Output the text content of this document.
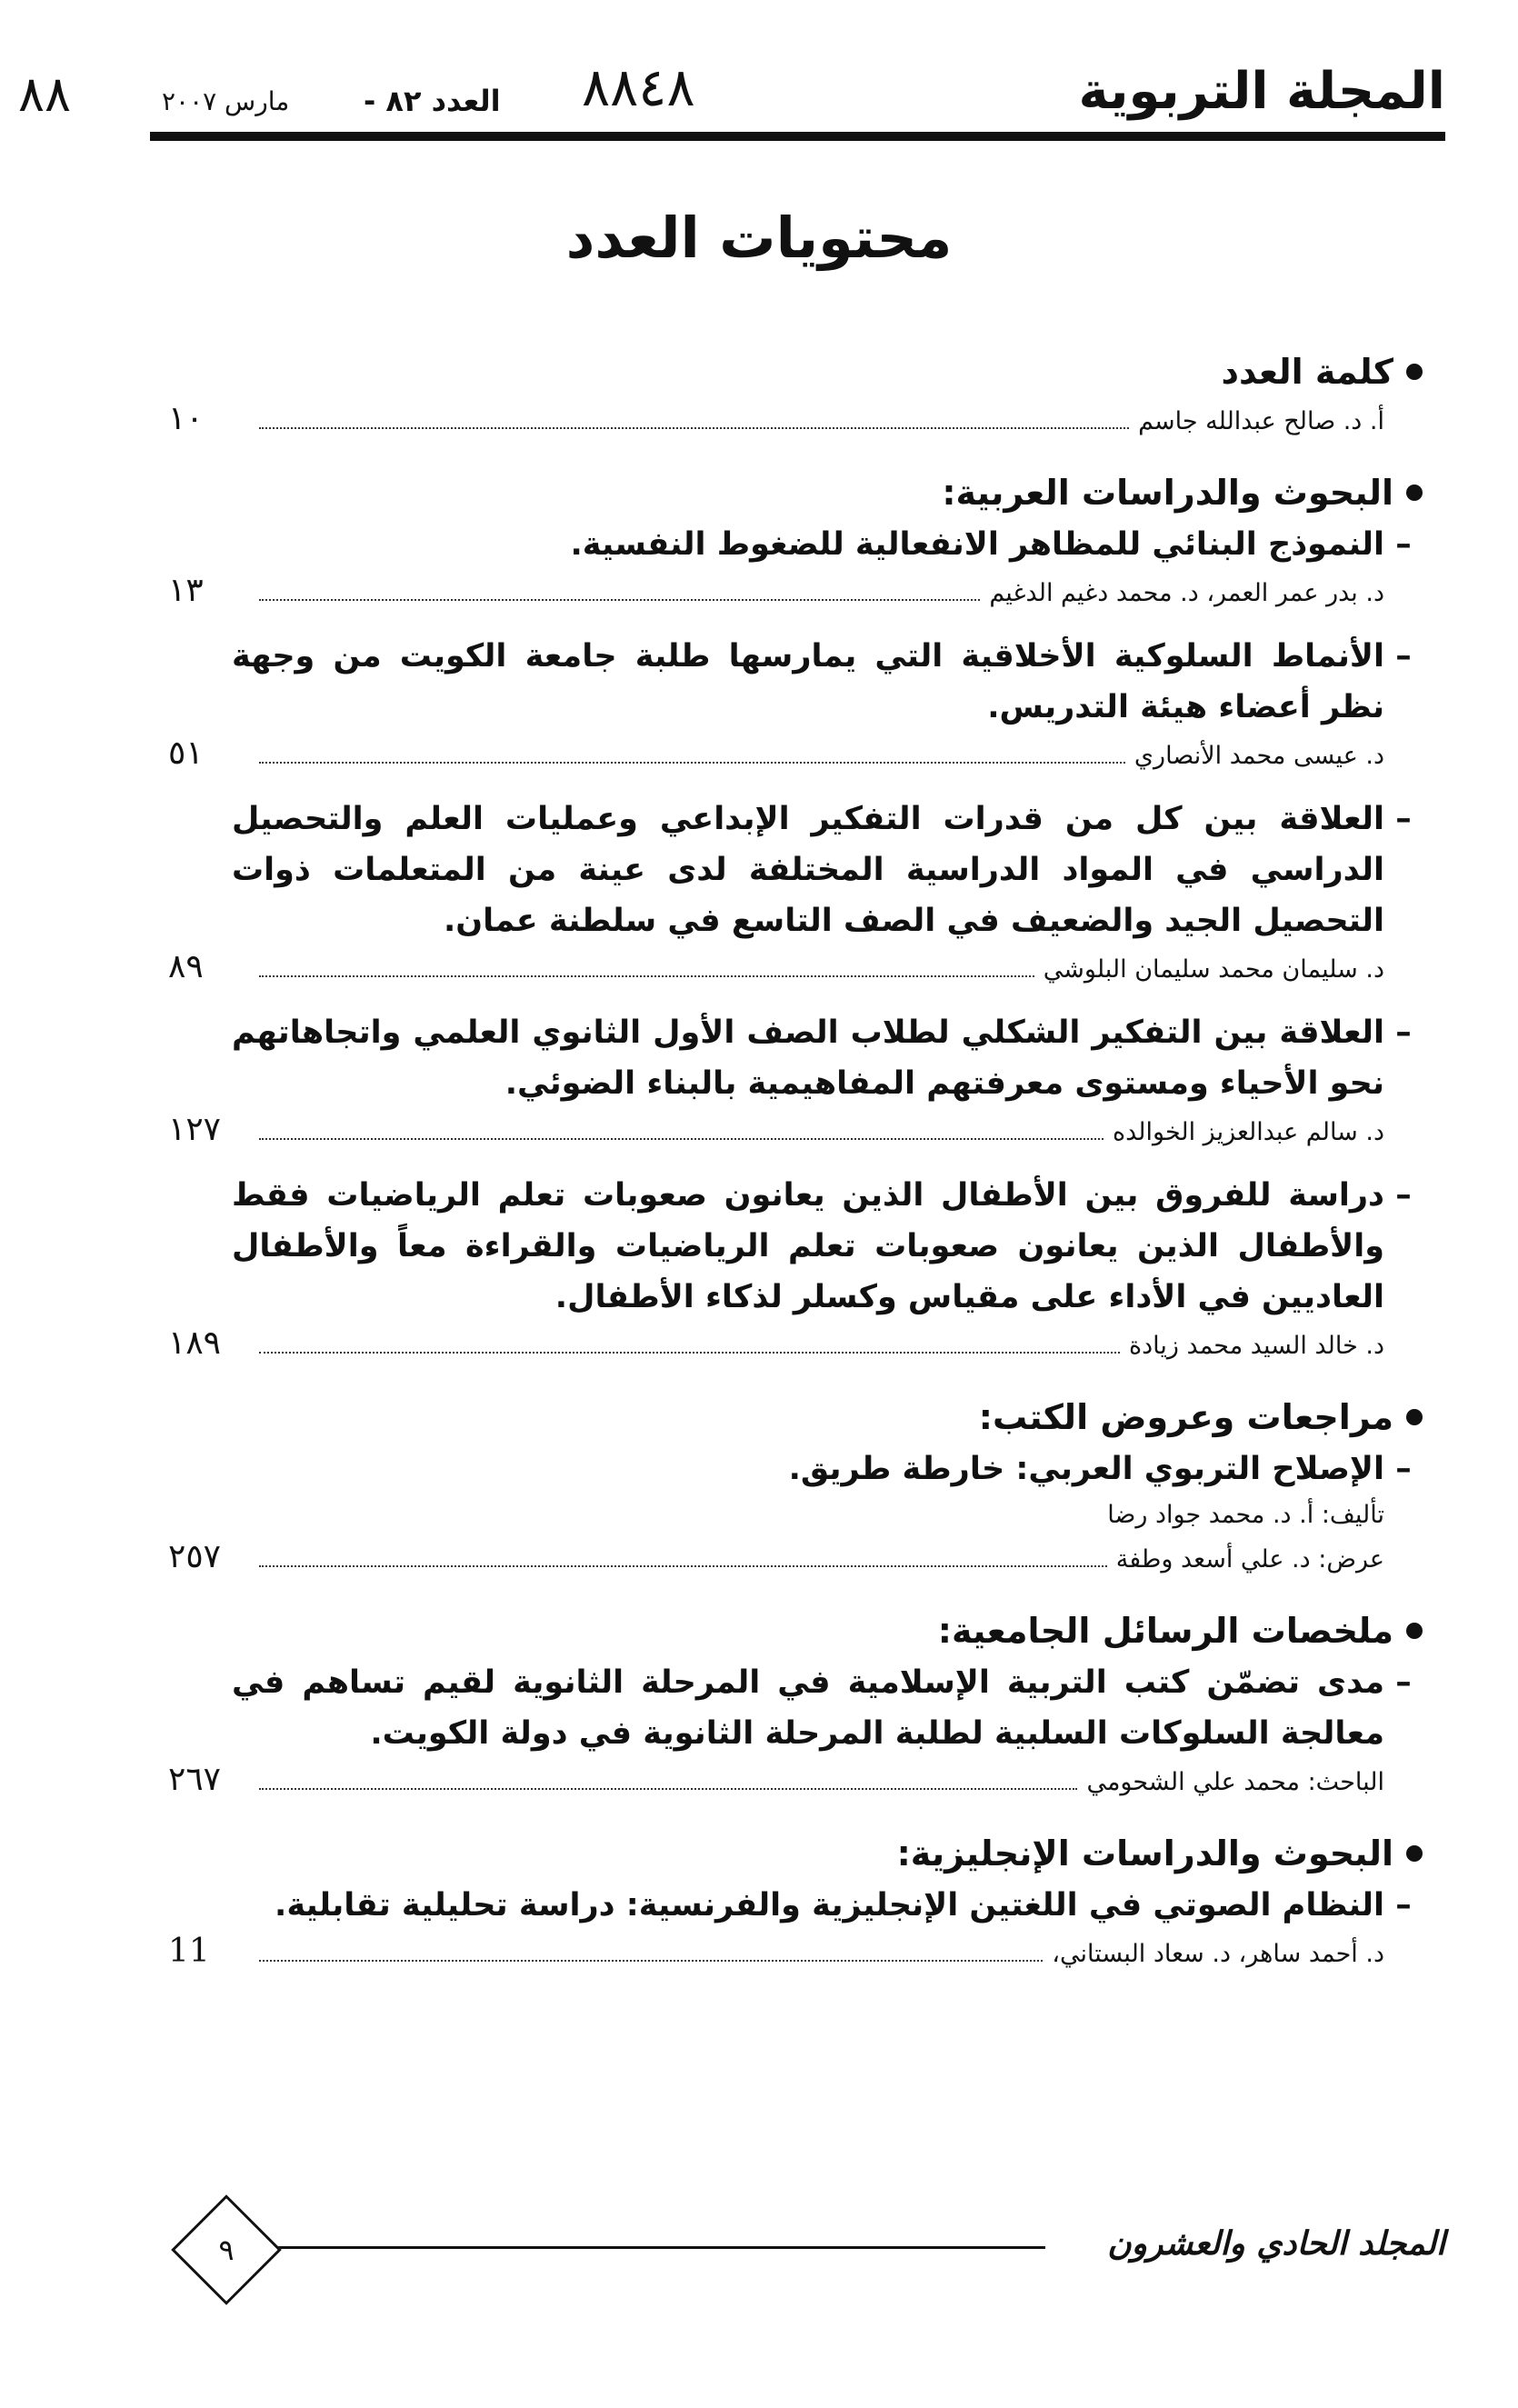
المجلة التربوية
٨٨٤٨
العدد ٨٢ -
مارس ٢٠٠٧
٨٨
محتويات العدد
كلمة العدد
أ. د. صالح عبدالله جاسم
١٠
البحوث والدراسات العربية:
–
النموذج البنائي للمظاهر الانفعالية للضغوط النفسية.
د. بدر عمر العمر، د. محمد دغيم الدغيم
١٣
–
الأنماط السلوكية الأخلاقية التي يمارسها طلبة جامعة الكويت من وجهة نظر أعضاء هيئة التدريس.
د. عيسى محمد الأنصاري
٥١
–
العلاقة بين كل من قدرات التفكير الإبداعي وعمليات العلم والتحصيل الدراسي في المواد الدراسية المختلفة لدى عينة من المتعلمات ذوات التحصيل الجيد والضعيف في الصف التاسع في سلطنة عمان.
د. سليمان محمد سليمان البلوشي
٨٩
–
العلاقة بين التفكير الشكلي لطلاب الصف الأول الثانوي العلمي واتجاهاتهم نحو الأحياء ومستوى معرفتهم المفاهيمية بالبناء الضوئي.
د. سالم عبدالعزيز الخوالده
١٢٧
–
دراسة للفروق بين الأطفال الذين يعانون صعوبات تعلم الرياضيات فقط والأطفال الذين يعانون صعوبات تعلم الرياضيات والقراءة معاً والأطفال العاديين في الأداء على مقياس وكسلر لذكاء الأطفال.
د. خالد السيد محمد زيادة
١٨٩
مراجعات وعروض الكتب:
–
الإصلاح التربوي العربي: خارطة طريق.
تأليف: أ. د. محمد جواد رضا
عرض: د. علي أسعد وطفة
٢٥٧
ملخصات الرسائل الجامعية:
–
مدى تضمّن كتب التربية الإسلامية في المرحلة الثانوية لقيم تساهم في معالجة السلوكات السلبية لطلبة المرحلة الثانوية في دولة الكويت.
الباحث: محمد علي الشحومي
٢٦٧
البحوث والدراسات الإنجليزية:
–
النظام الصوتي في اللغتين الإنجليزية والفرنسية: دراسة تحليلية تقابلية.
د. أحمد ساهر، د. سعاد البستاني،
11
المجلد الحادي والعشرون
٩
